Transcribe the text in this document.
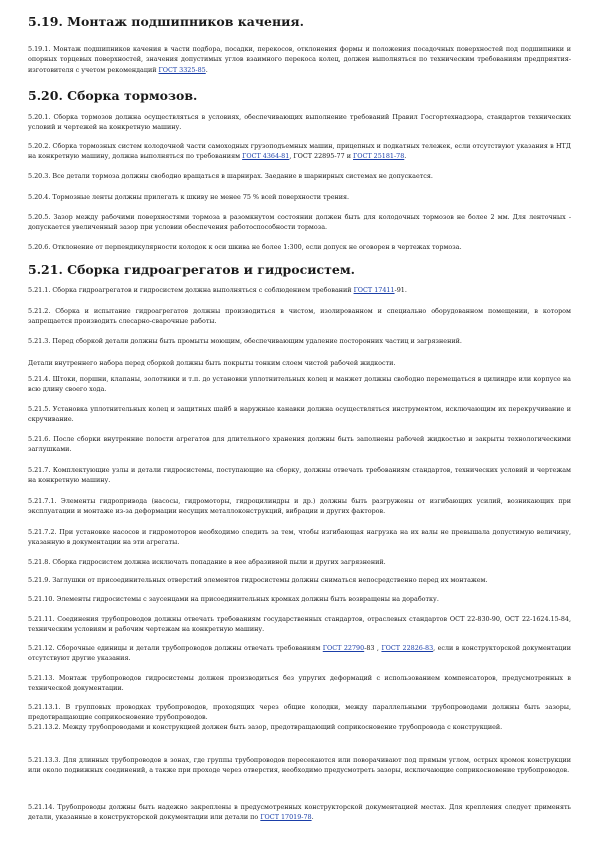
5.19. Монтаж подшипников качения.
5.19.1. Монтаж подшипников качения в части подбора, посадки, перекосов, отклонения формы и положения посадочных поверхностей под подшипники и опорных торцевых поверхностей, значения допустимых углов взаимного перекоса колец, должен выполняться по техническим требованиям предприятия-изготовителя с учетом рекомендаций ГОСТ 3325-85.
5.20. Сборка тормозов.
5.20.1. Сборка тормозов должна осуществляться в условиях, обеспечивающих выполнение требований Правил Госгортехнадзора, стандартов технических условий и чертежей на конкретную машину.
5.20.2. Сборка тормозных систем колодочной части самоходных грузоподъемных машин, прицепных и подкатных тележек, если отсутствуют указания в НТД на конкретную машину, должна выполняться по требованиям ГОСТ 4364-81, ГОСТ 22895-77 и ГОСТ 25181-78.
5.20.3. Все детали тормоза должны свободно вращаться в шарнирах. Заедание в шарнирных системах не допускается.
5.20.4. Тормозные ленты должны прилегать к шкиву не менее 75 % всей поверхности трения.
5.20.5. Зазор между рабочими поверхностями тормоза в разомкнутом состоянии должен быть для колодочных тормозов не более 2 мм. Для ленточных - допускается увеличенный зазор при условии обеспечения работоспособности тормоза.
5.20.6. Отклонение от перпендикулярности колодок к оси шкива не более 1:300, если допуск не оговорен в чертежах тормоза.
5.21. Сборка гидроагрегатов и гидросистем.
5.21.1. Сборка гидроагрегатов и гидросистем должна выполняться с соблюдением требований ГОСТ 17411-91.
5.21.2. Сборка и испытание гидроагрегатов должны производиться в чистом, изолированном и специально оборудованном помещении, в котором запрещается производить слесарно-сварочные работы.
5.21.3. Перед сборкой детали должны быть промыты моющим, обеспечивающим удаление посторонних частиц и загрязнений.
Детали внутреннего набора перед сборкой должны быть покрыты тонким слоем чистой рабочей жидкости.
5.21.4. Штоки, поршни, клапаны, золотники и т.п. до установки уплотнительных колец и манжет должны свободно перемещаться в цилиндре или корпусе на всю длину своего хода.
5.21.5. Установка уплотнительных колец и защитных шайб в наружные канавки должна осуществляться инструментом, исключающим их перекручивание и скручивание.
5.21.6. После сборки внутренние полости агрегатов для длительного хранения должны быть заполнены рабочей жидкостью и закрыты технологическими заглушками.
5.21.7. Комплектующие узлы и детали гидросистемы, поступающие на сборку, должны отвечать требованиям стандартов, технических условий и чертежам на конкретную машину.
5.21.7.1. Элементы гидропривода (насосы, гидромоторы, гидроцилиндры и др.) должны быть разгружены от изгибающих усилий, возникающих при эксплуатации и монтаже из-за деформации несущих металлоконструкций, вибрации и других факторов.
5.21.7.2. При установке насосов и гидромоторов необходимо следить за тем, чтобы изгибающая нагрузка на их валы не превышала допустимую величину, указанную в документации на эти агрегаты.
5.21.8. Сборка гидросистем должна исключать попадание в нее абразивной пыли и других загрязнений.
5.21.9. Заглушки от присоединительных отверстий элементов гидросистемы должны сниматься непосредственно перед их монтажем.
5.21.10. Элементы гидросистемы с заусенцами на присоединительных кромках должны быть возвращены на доработку.
5.21.11. Соединения трубопроводов должны отвечать требованиям государственных стандартов, отраслевых стандартов ОСТ 22-830-90, ОСТ 22-1624.15-84, техническим условиям и рабочим чертежам на конкретную машину.
5.21.12. Сборочные единицы и детали трубопроводов должны отвечать требованиям ГОСТ 22790-83 , ГОСТ 22826-83, если в конструкторской документации отсутствуют другие указания.
5.21.13. Монтаж трубопроводов гидросистемы должен производиться без упругих деформаций с использованием компенсаторов, предусмотренных в технической документации.
5.21.13.1. В групповых проводках трубопроводов, проходящих через общие колодки, между параллельными трубопроводами должны быть зазоры, предотвращающие соприкосновение трубопроводов.
5.21.13.2. Между трубопроводами и конструкцией должен быть зазор, предотвращающий соприкосновение трубопровода с конструкцией.
5.21.13.3. Для длинных трубопроводов в зонах, где группы трубопроводов пересекаются или поворачивают под прямым углом, острых кромок конструкции или около подвижных соединений, а также при проходе через отверстия, необходимо предусмотреть зазоры, исключающие соприкосновение трубопроводов.
5.21.14. Трубопроводы должны быть надежно закреплены в предусмотренных конструкторской документацией местах. Для крепления следует применять детали, указанные в конструкторской документации или детали по ГОСТ 17019-78.
